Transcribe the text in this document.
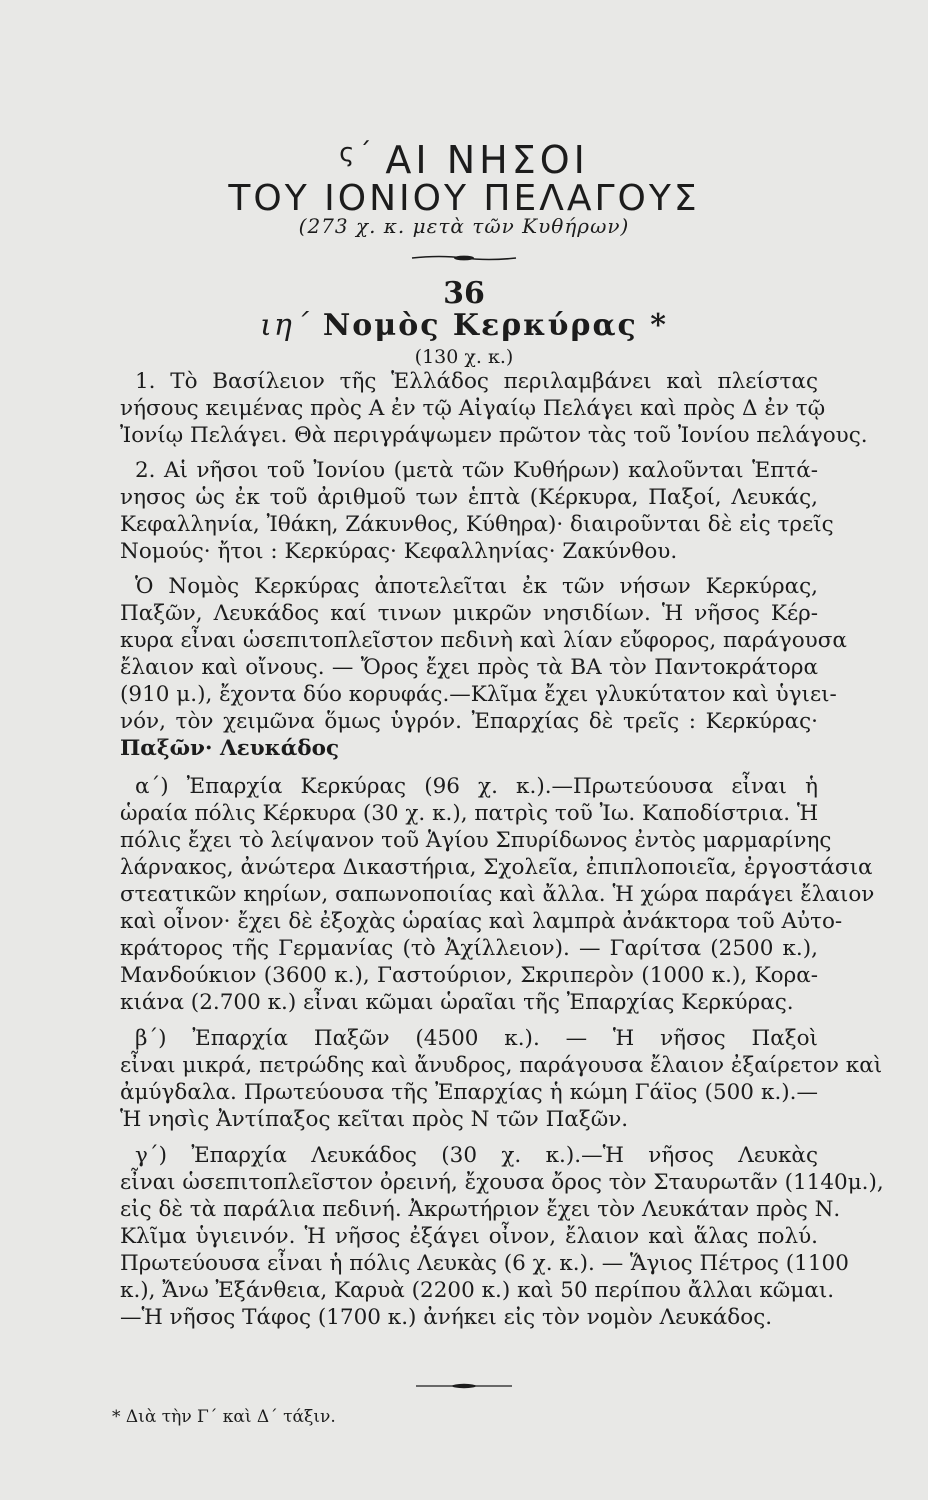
$^{\varsigma΄}$ ΑΙ ΝΗΣΟΙ
ΤΟΥ ΙΟΝΙΟΥ ΠΕΛΑΓΟΥΣ
(273 χ. κ. μετὰ τῶν Κυθήρων)
36
ιη΄ Νομὸς Κερκύρας *
(130 χ. κ.)
1. Τὸ Βασίλειον τῆς Ἑλλάδος περιλαμβάνει καὶ πλείστας
νήσους κειμένας πρὸς Α ἐν τῷ Αἰγαίῳ Πελάγει καὶ πρὸς Δ ἐν τῷ
Ἰονίῳ Πελάγει. Θὰ περιγράψωμεν πρῶτον τὰς τοῦ Ἰονίου πελάγους.
2. Αἱ νῆσοι τοῦ Ἰονίου (μετὰ τῶν Κυθήρων) καλοῦνται Ἑπτά-
νησος ὡς ἐκ τοῦ ἀριθμοῦ των ἑπτὰ (Κέρκυρα, Παξοί, Λευκάς,
Κεφαλληνία, Ἰθάκη, Ζάκυνθος, Κύθηρα)· διαιροῦνται δὲ εἰς τρεῖς
Νομούς· ἤτοι : Κερκύρας· Κεφαλληνίας· Ζακύνθου.
Ὁ Νομὸς Κερκύρας ἀποτελεῖται ἐκ τῶν νήσων Κερκύρας,
Παξῶν, Λευκάδος καί τινων μικρῶν νησιδίων. Ἡ νῆσος Κέρ-
κυρα εἶναι ὡσεπιτοπλεῖστον πεδινὴ καὶ λίαν εὔφορος, παράγουσα
ἔλαιον καὶ οἴνους. — Ὄρος ἔχει πρὸς τὰ ΒΑ τὸν Παντοκράτορα
(910 μ.), ἔχοντα δύο κορυφάς.—Κλῖμα ἔχει γλυκύτατον καὶ ὑγιει-
νόν, τὸν χειμῶνα ὅμως ὑγρόν. Ἐπαρχίας δὲ τρεῖς : Κερκύρας·
Παξῶν· Λευκάδος
α΄) Ἐπαρχία Κερκύρας (96 χ. κ.).—Πρωτεύουσα εἶναι ἡ
ὡραία πόλις Κέρκυρα (30 χ. κ.), πατρὶς τοῦ Ἰω. Καποδίστρια. Ἡ
πόλις ἔχει τὸ λείψανον τοῦ Ἁγίου Σπυρίδωνος ἐντὸς μαρμαρίνης
λάρνακος, ἀνώτερα Δικαστήρια, Σχολεῖα, ἐπιπλοποιεῖα, ἐργοστάσια
στεατικῶν κηρίων, σαπωνοποιίας καὶ ἄλλα. Ἡ χώρα παράγει ἔλαιον
καὶ οἶνον· ἔχει δὲ ἐξοχὰς ὡραίας καὶ λαμπρὰ ἀνάκτορα τοῦ Αὐτο-
κράτορος τῆς Γερμανίας (τὸ Ἀχίλλειον). — Γαρίτσα (2500 κ.),
Μανδούκιον (3600 κ.), Γαστούριον, Σκριπερὸν (1000 κ.), Κορα-
κιάνα (2.700 κ.) εἶναι κῶμαι ὡραῖαι τῆς Ἐπαρχίας Κερκύρας.
β΄) Ἐπαρχία Παξῶν (4500 κ.). — Ἡ νῆσος Παξοὶ
εἶναι μικρά, πετρώδης καὶ ἄνυδρος, παράγουσα ἔλαιον ἐξαίρετον καὶ
ἀμύγδαλα. Πρωτεύουσα τῆς Ἐπαρχίας ἡ κώμη Γάϊος (500 κ.).—
Ἡ νησὶς Ἀντίπαξος κεῖται πρὸς Ν τῶν Παξῶν.
γ΄) Ἐπαρχία Λευκάδος (30 χ. κ.).—Ἡ νῆσος Λευκὰς
εἶναι ὡσεπιτοπλεῖστον ὀρεινή, ἔχουσα ὄρος τὸν Σταυρωτᾶν (1140μ.),
εἰς δὲ τὰ παράλια πεδινή. Ἀκρωτήριον ἔχει τὸν Λευκάταν πρὸς Ν.
Κλῖμα ὑγιεινόν. Ἡ νῆσος ἐξάγει οἶνον, ἔλαιον καὶ ἅλας πολύ.
Πρωτεύουσα εἶναι ἡ πόλις Λευκὰς (6 χ. κ.). — Ἅγιος Πέτρος (1100
κ.), Ἄνω Ἐξάνθεια, Καρυὰ (2200 κ.) καὶ 50 περίπου ἄλλαι κῶμαι.
—Ἡ νῆσος Τάφος (1700 κ.) ἀνήκει εἰς τὸν νομὸν Λευκάδος.
* Διὰ τὴν Γ΄ καὶ Δ΄ τάξιν.
